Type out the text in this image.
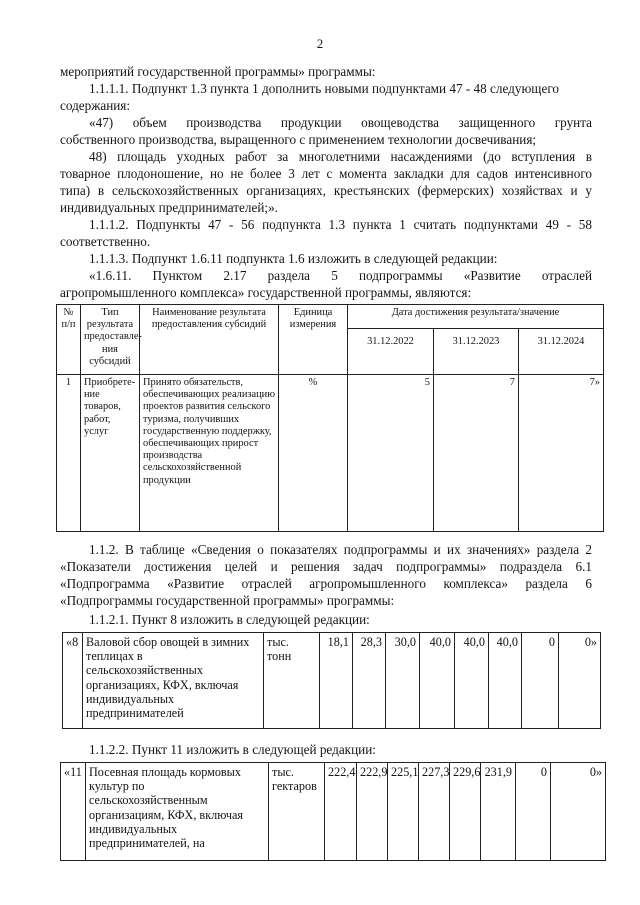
2
мероприятий государственной программы» программы:
1.1.1.1. Подпункт 1.3 пункта 1 дополнить новыми подпунктами 47 - 48 следующего
содержания:
«47) объем производства продукции овощеводства защищенного грунта
собственного производства, выращенного с применением технологии досвечивания;
48) площадь уходных работ за многолетними насаждениями (до вступления в
товарное плодоношение, но не более 3 лет с момента закладки для садов интенсивного
типа) в сельскохозяйственных организациях, крестьянских (фермерских) хозяйствах и у
индивидуальных предпринимателей;».
1.1.1.2. Подпункты 47 - 56 подпункта 1.3 пункта 1 считать подпунктами 49 - 58
соответственно.
1.1.1.3. Подпункт 1.6.11 подпункта 1.6 изложить в следующей редакции:
«1.6.11. Пунктом 2.17 раздела 5 подпрограммы «Развитие отраслей
агропромышленного комплекса» государственной программы, являются:
№ п/п	Тип результата предоставле-ния субсидий	Наименование результата предоставления субсидий	Единица измерения	Дата достижения результата/значение		
				31.12.2022	31.12.2023	31.12.2024
1	Приобрете-ние товаров, работ, услуг	Принято обязательств, обеспечивающих реализацию проектов развития сельского туризма, получивших государственную поддержку, обеспечивающих прирост производства сельскохозяйственной продукции	%	5	7	7»
1.1.2. В таблице «Сведения о показателях подпрограммы и их значениях» раздела 2
«Показатели достижения целей и решения задач подпрограммы» подраздела 6.1
«Подпрограмма «Развитие отраслей агропромышленного комплекса» раздела 6
«Подпрограммы государственной программы» программы:
1.1.2.1. Пункт 8 изложить в следующей редакции:
«8	Валовой сбор овощей в зимних теплицах в сельскохозяйственных организациях, КФХ, включая индивидуальных предпринимателей	тыс. тонн	18,1	28,3	30,0	40,0	40,0	40,0	0	0»
1.1.2.2. Пункт 11 изложить в следующей редакции:
«11	Посевная площадь кормовых культур по сельскохозяйственным организациям, КФХ, включая индивидуальных предпринимателей, на	тыс. гектаров	222,4	222,9	225,1	227,3	229,6	231,9	0	0»
